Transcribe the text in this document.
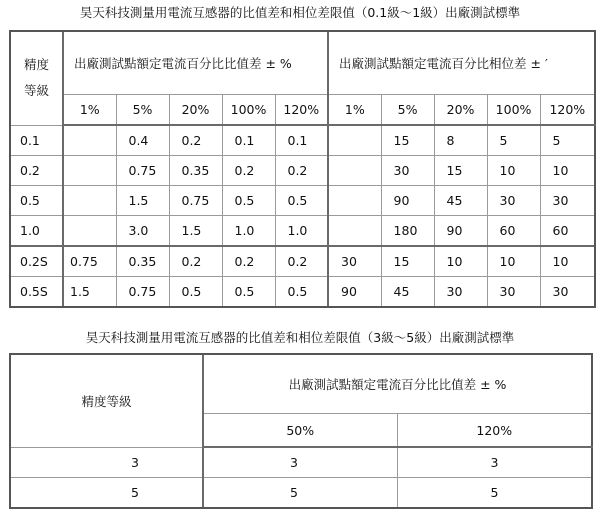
昊天科技測量用電流互感器的比值差和相位差限值（0.1級～1級）出廠測試標準
精度
等級	出廠測試點額定電流百分比比值差 ± %					出廠測試點額定電流百分比相位差 ± ′				
	1%	5%	20%	100%	120%	1%	5%	20%	100%	120%
0.1		0.4	0.2	0.1	0.1		15	8	5	5
0.2		0.75	0.35	0.2	0.2		30	15	10	10
0.5		1.5	0.75	0.5	0.5		90	45	30	30
1.0		3.0	1.5	1.0	1.0		180	90	60	60
0.2S	0.75	0.35	0.2	0.2	0.2	30	15	10	10	10
0.5S	1.5	0.75	0.5	0.5	0.5	90	45	30	30	30
昊天科技測量用電流互感器的比值差和相位差限值（3級～5級）出廠測試標準
精度等級	出廠測試點額定電流百分比比值差 ± %	
	50%	120%
3	3	3
5	5	5
